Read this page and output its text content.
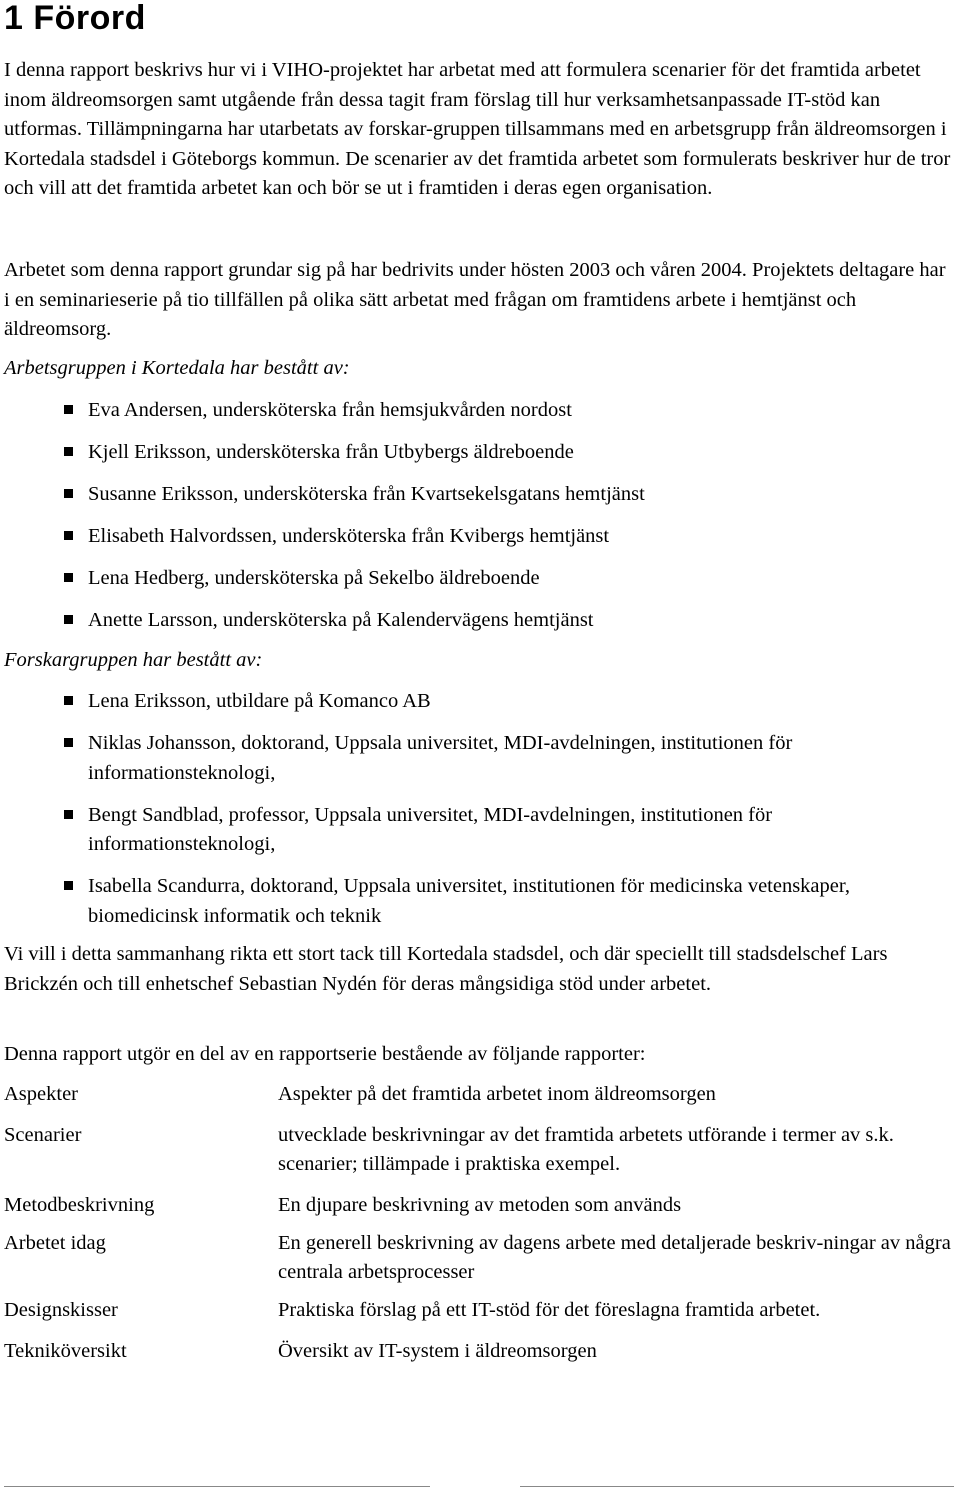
1 Förord

I denna rapport beskrivs hur vi i VIHO-projektet har arbetat med att formulera scenarier för det framtida arbetet inom äldreomsorgen samt utgående från dessa tagit fram förslag till hur verksamhetsanpassade IT-stöd kan utformas. Tillämpningarna har utarbetats av forskar-gruppen tillsammans med en arbetsgrupp från äldreomsorgen i Kortedala stadsdel i Göteborgs kommun. De scenarier av det framtida arbetet som formulerats beskriver hur de tror och vill att det framtida arbetet kan och bör se ut i framtiden i deras egen organisation.

Arbetet som denna rapport grundar sig på har bedrivits under hösten 2003 och våren 2004. Projektets deltagare har i en seminarieserie på tio tillfällen på olika sätt arbetat med frågan om framtidens arbete i hemtjänst och äldreomsorg.

Arbetsgruppen i Kortedala har bestått av:

Eva Andersen, undersköterska från hemsjukvården nordost
Kjell Eriksson, undersköterska från Utbybergs äldreboende
Susanne Eriksson, undersköterska från Kvartsekelsgatans hemtjänst
Elisabeth Halvordssen, undersköterska från Kvibergs hemtjänst
Lena Hedberg, undersköterska på Sekelbo äldreboende
Anette Larsson, undersköterska på Kalendervägens hemtjänst

Forskargruppen har bestått av:

Lena Eriksson, utbildare på Komanco AB
Niklas Johansson, doktorand, Uppsala universitet, MDI-avdelningen, institutionen för informationsteknologi,
Bengt Sandblad, professor, Uppsala universitet, MDI-avdelningen, institutionen för informationsteknologi,
Isabella Scandurra, doktorand, Uppsala universitet, institutionen för medicinska vetenskaper, biomedicinsk informatik och teknik

Vi vill i detta sammanhang rikta ett stort tack till Kortedala stadsdel, och där speciellt till stadsdelschef Lars Brickzén och till enhetschef Sebastian Nydén för deras mångsidiga stöd under arbetet.

Denna rapport utgör en del av en rapportserie bestående av följande rapporter:

Aspekter	Aspekter på det framtida arbetet inom äldreomsorgen
Scenarier	utvecklade beskrivningar av det framtida arbetets utförande i termer av s.k. scenarier; tillämpade i praktiska exempel.
Metodbeskrivning	En djupare beskrivning av metoden som används
Arbetet idag	En generell beskrivning av dagens arbete med detaljerade beskriv-ningar av några centrala arbetsprocesser
Designskisser	Praktiska förslag på ett IT-stöd för det föreslagna framtida arbetet.
Tekniköversikt	Översikt av IT-system i äldreomsorgen
